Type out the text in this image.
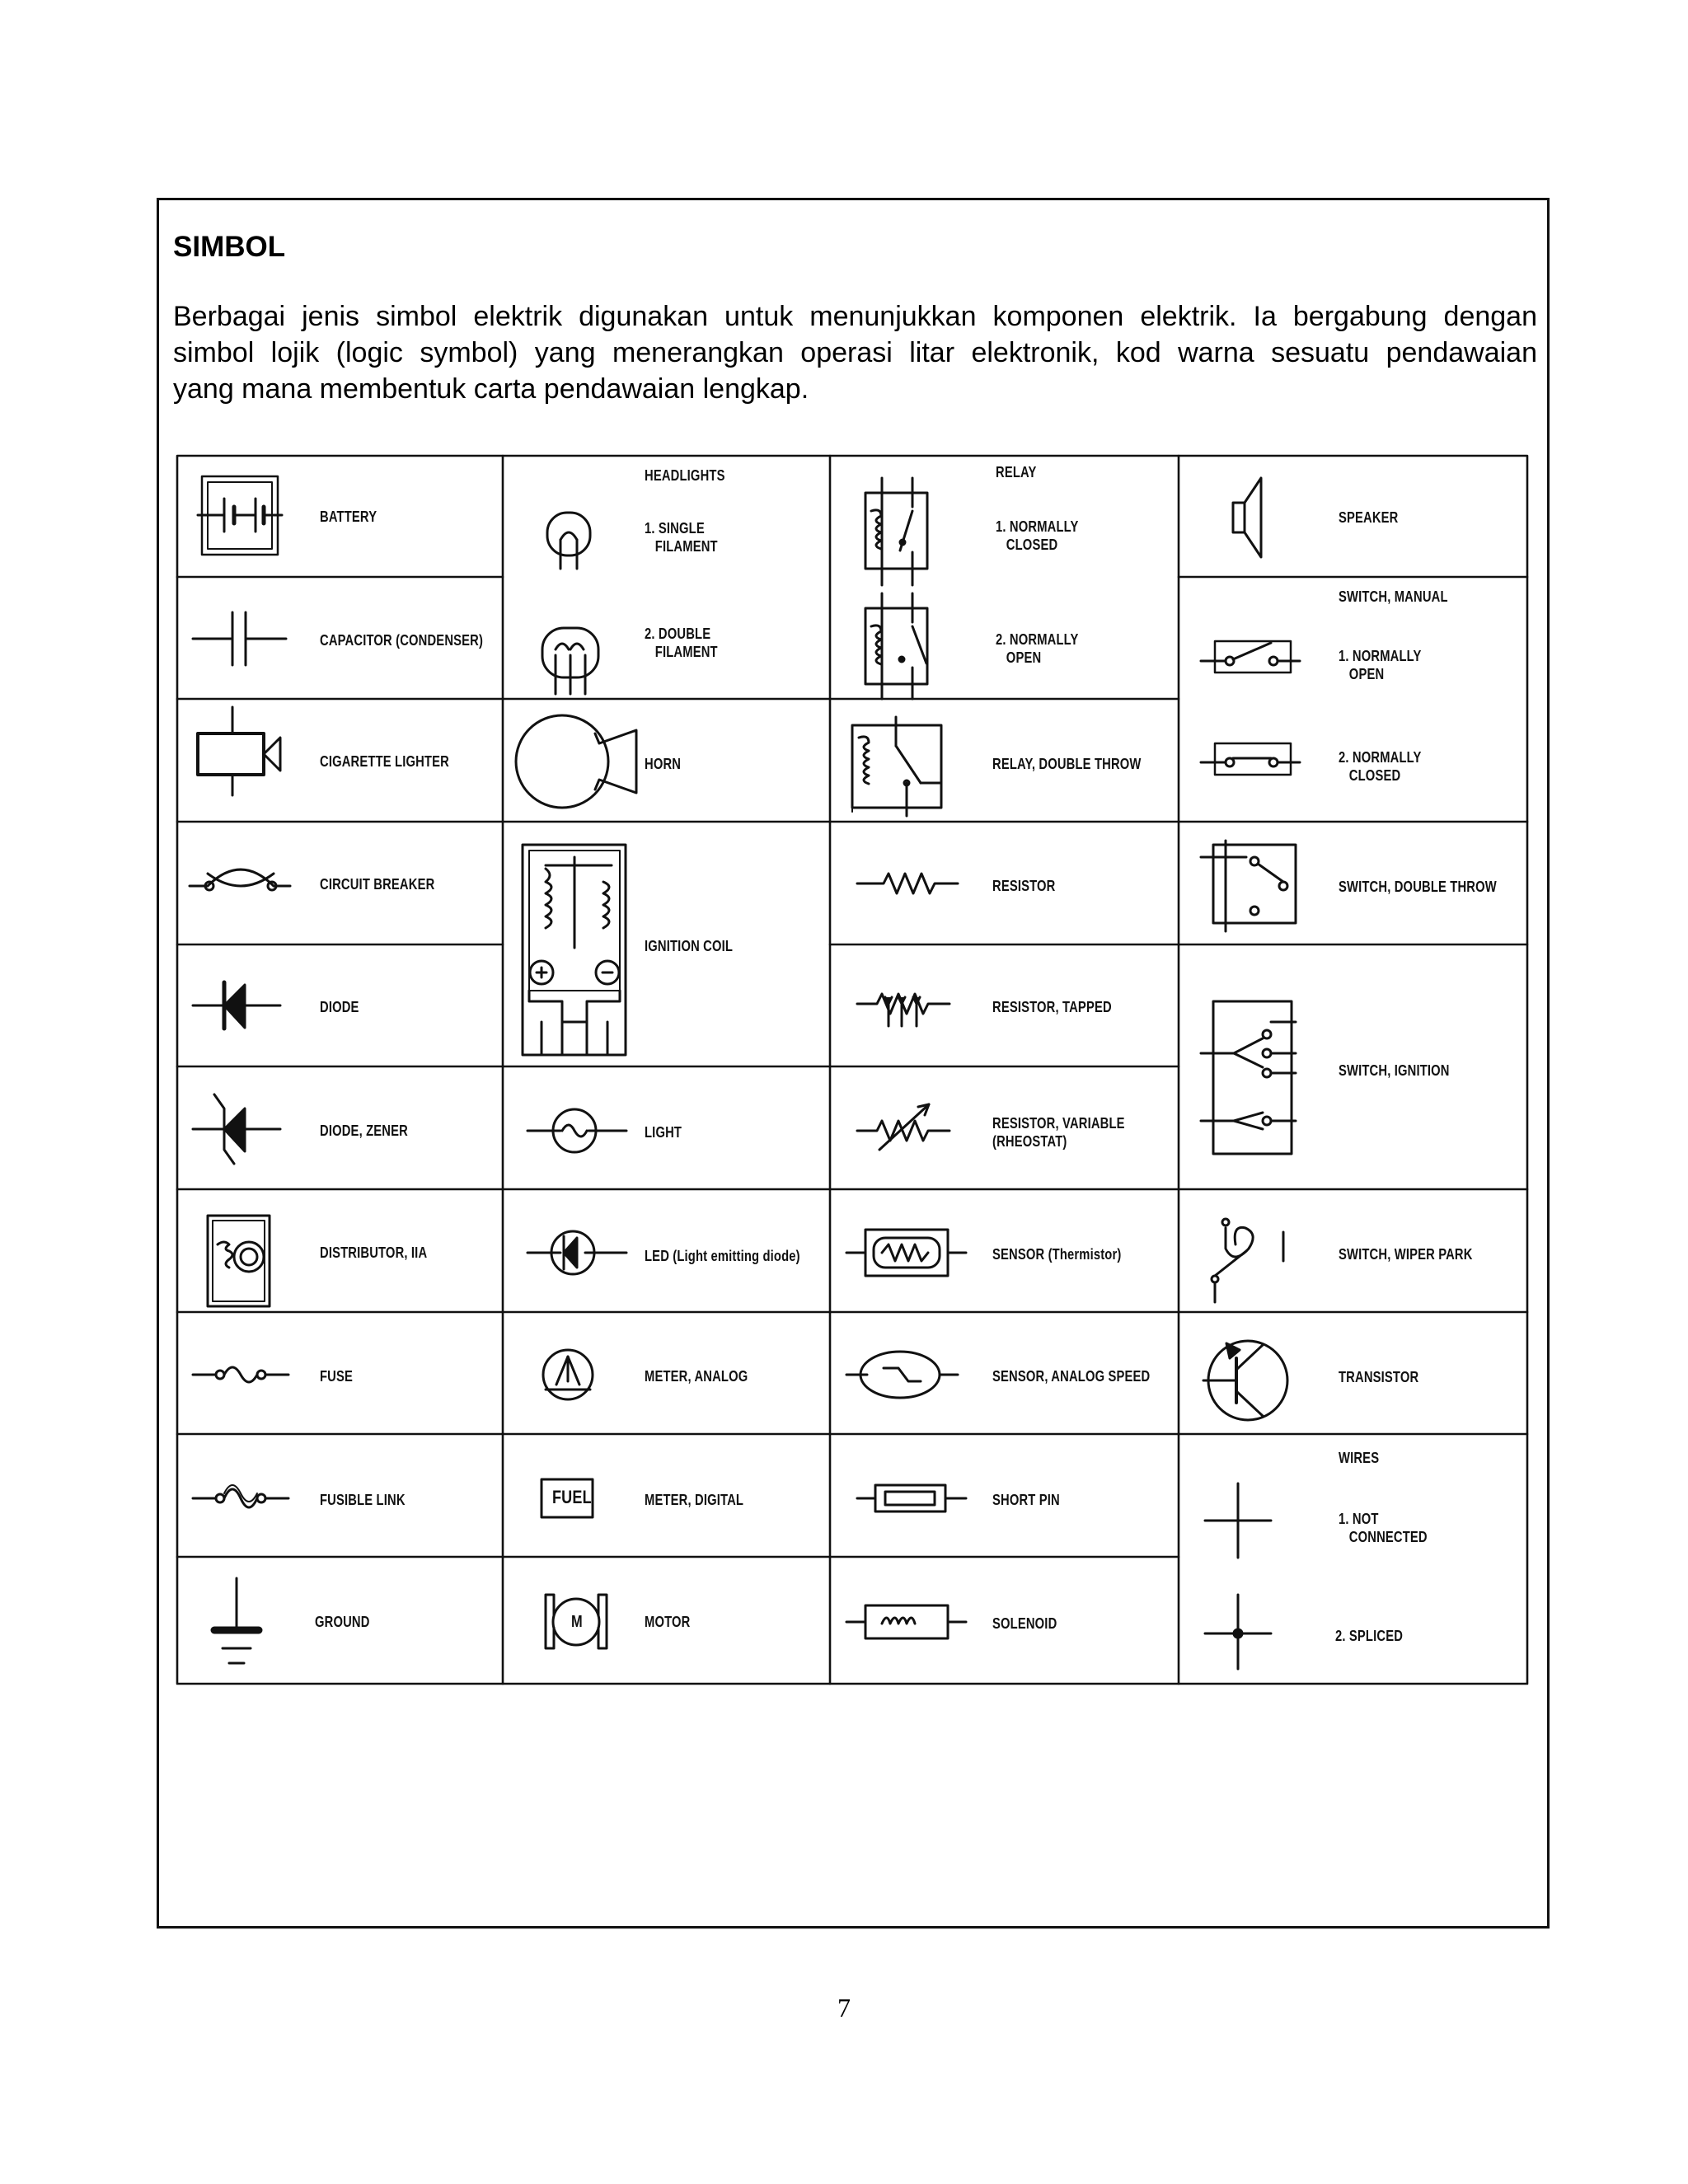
SIMBOL
Berbagai jenis simbol elektrik digunakan untuk menunjukkan komponen elektrik. Ia bergabung dengan
simbol lojik (logic symbol) yang menerangkan operasi litar elektronik, kod warna sesuatu pendawaian
yang mana membentuk carta pendawaian lengkap.
BATTERY
CAPACITOR (CONDENSER)
CIGARETTE LIGHTER
CIRCUIT BREAKER
DIODE
DIODE, ZENER
DISTRIBUTOR, IIA
FUSE
FUSIBLE LINK
GROUND
HEADLIGHTS
1. SINGLE
FILAMENT
2. DOUBLE
FILAMENT
HORN
IGNITION COIL
LIGHT
LED (Light emitting diode)
METER, ANALOG
FUEL	METER, DIGITAL
M	MOTOR
RELAY
1. NORMALLY
CLOSED
2. NORMALLY
OPEN
RELAY, DOUBLE THROW
RESISTOR
RESISTOR, TAPPED
RESISTOR, VARIABLE
(RHEOSTAT)
SENSOR (Thermistor)
SENSOR, ANALOG SPEED
SHORT PIN
SOLENOID
SPEAKER
SWITCH, MANUAL
1. NORMALLY
OPEN
2. NORMALLY
CLOSED
SWITCH, DOUBLE THROW
SWITCH, IGNITION
SWITCH, WIPER PARK
TRANSISTOR
WIRES
1. NOT
CONNECTED
2. SPLICED
7
